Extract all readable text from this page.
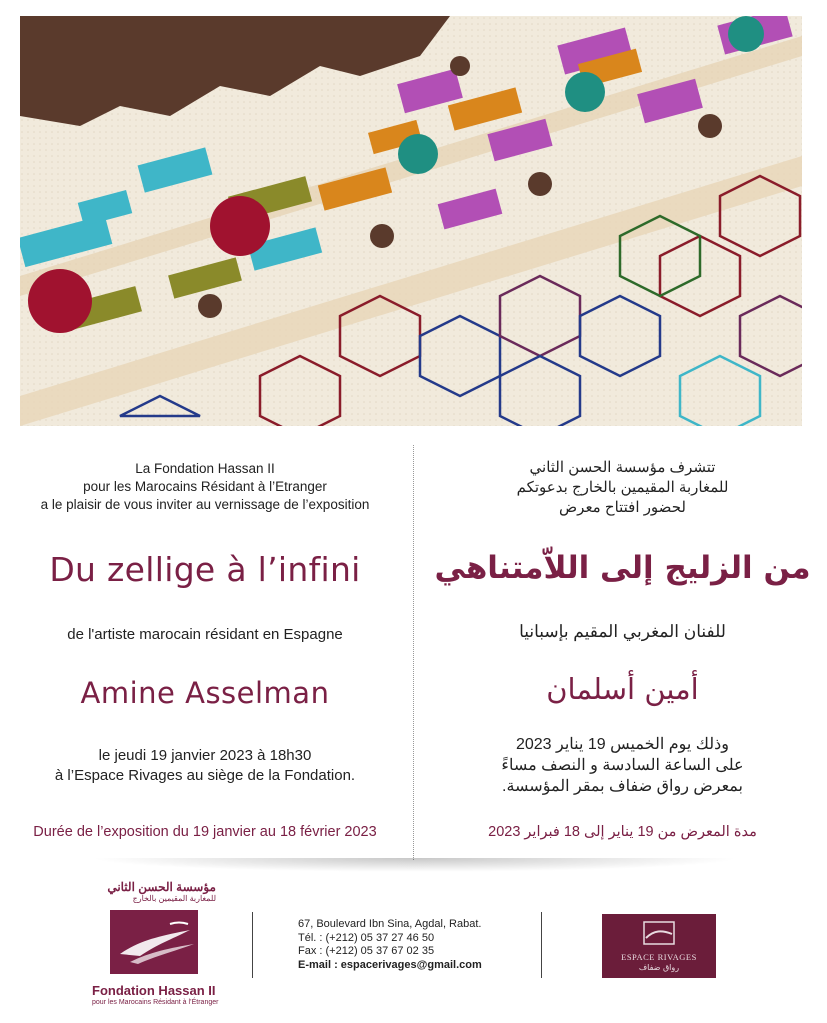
La Fondation Hassan II
pour les Marocains Résidant à l’Etranger
a le plaisir de vous inviter au vernissage de l’exposition
تتشرف مؤسسة الحسن الثاني
للمغاربة المقيمين بالخارج بدعوتكم
لحضور افتتاح معرض
Du zellige à l’infini	من الزليج إلى اللاّمتناهي
de l'artiste marocain résidant en Espagne	للفنان المغربي المقيم بإسبانيا
Amine Asselman	أمين أسلمان
le jeudi 19 janvier 2023 à 18h30
à l’Espace Rivages au siège de la Fondation.
وذلك يوم الخميس 19 يناير 2023
على الساعة السادسة و النصف مساءً
بمعرض رواق ضفاف بمقر المؤسسة.
Durée de l’exposition du 19 janvier au 18 février 2023	مدة المعرض من 19 يناير إلى 18 فبراير 2023
مؤسسة الحسن الثاني
للمغاربة المقيمين بالخارج
Fondation Hassan II
pour les Marocains Résidant à l’Étranger
67, Boulevard Ibn Sina, Agdal, Rabat.
Tél. : (+212) 05 37 27 46 50
Fax : (+212) 05 37 67 02 35
E-mail : espacerivages@gmail.com
ESPACE RIVAGES
رواق ضفاف
